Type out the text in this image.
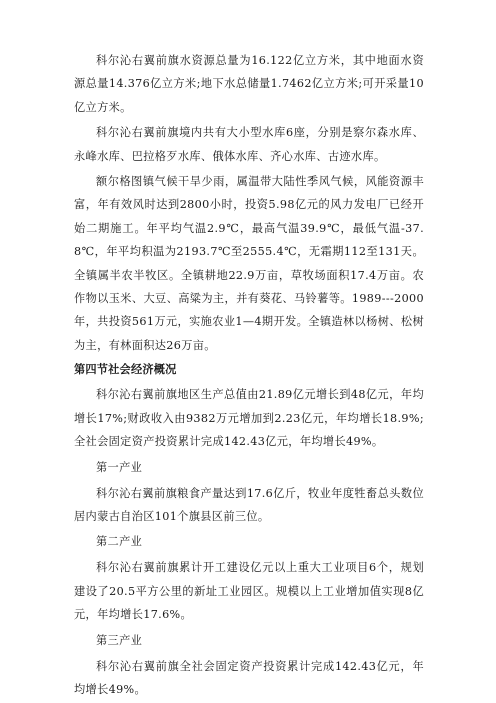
科尔沁右翼前旗水资源总量为16.122亿立方米，其中地面水资源总量14.376亿立方米;地下水总储量1.7462亿立方米;可开采量10亿立方米。

科尔沁右翼前旗境内共有大小型水库6座，分别是察尔森水库、永峰水库、巴拉格歹水库、俄体水库、齐心水库、古迹水库。

额尔格图镇气候干旱少雨，属温带大陆性季风气候，风能资源丰富，年有效风时达到2800小时，投资5.98亿元的风力发电厂已经开始二期施工。年平均气温2.9℃，最高气温39.9℃，最低气温-37.8℃，年平均积温为2193.7℃至2555.4℃，无霜期112至131天。全镇属半农半牧区。全镇耕地22.9万亩，草牧场面积17.4万亩。农作物以玉米、大豆、高粱为主，并有葵花、马铃薯等。1989---2000年，共投资561万元，实施农业1—4期开发。全镇造林以杨树、松树为主，有林面积达26万亩。

第四节社会经济概况

科尔沁右翼前旗地区生产总值由21.89亿元增长到48亿元，年均增长17%;财政收入由9382万元增加到2.23亿元，年均增长18.9%;全社会固定资产投资累计完成142.43亿元，年均增长49%。

第一产业

科尔沁右翼前旗粮食产量达到17.6亿斤，牧业年度牲畜总头数位居内蒙古自治区101个旗县区前三位。

第二产业

科尔沁右翼前旗累计开工建设亿元以上重大工业项目6个，规划建设了20.5平方公里的新址工业园区。规模以上工业增加值实现8亿元，年均增长17.6%。

第三产业

科尔沁右翼前旗全社会固定资产投资累计完成142.43亿元，年均增长49%。
